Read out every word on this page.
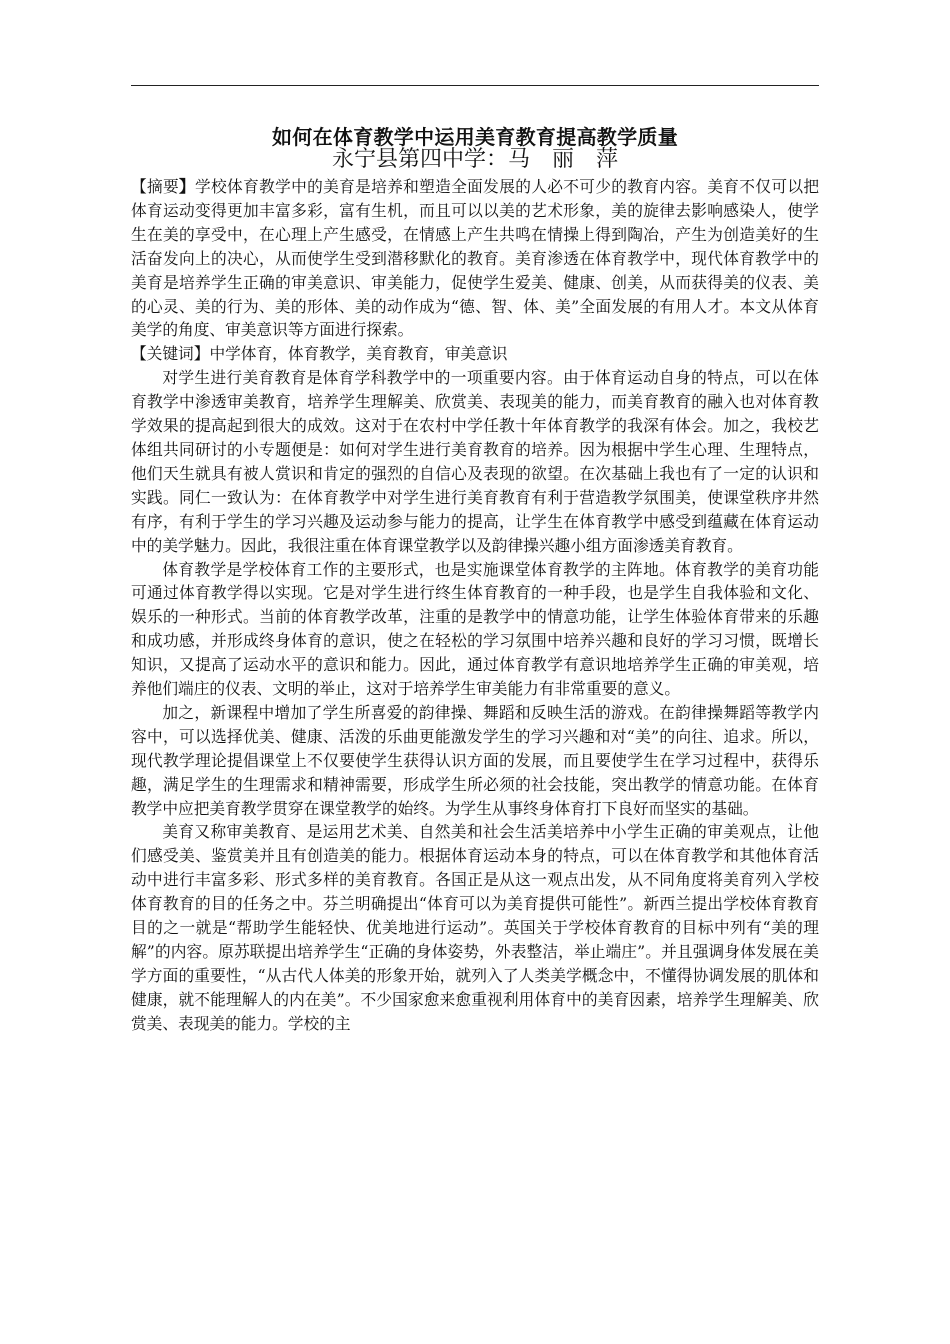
如何在体育教学中运用美育教育提高教学质量
永宁县第四中学：马　丽　萍

【摘要】学校体育教学中的美育是培养和塑造全面发展的人必不可少的教育内容。美育不仅可以把体育运动变得更加丰富多彩，富有生机，而且可以以美的艺术形象，美的旋律去影响感染人，使学生在美的享受中，在心理上产生感受，在情感上产生共鸣在情操上得到陶冶，产生为创造美好的生活奋发向上的决心，从而使学生受到潜移默化的教育。美育渗透在体育教学中，现代体育教学中的美育是培养学生正确的审美意识、审美能力，促使学生爱美、健康、创美，从而获得美的仪表、美的心灵、美的行为、美的形体、美的动作成为“德、智、体、美”全面发展的有用人才。本文从体育美学的角度、审美意识等方面进行探索。

【关键词】中学体育，体育教学，美育教育，审美意识

对学生进行美育教育是体育学科教学中的一项重要内容。由于体育运动自身的特点，可以在体育教学中渗透审美教育，培养学生理解美、欣赏美、表现美的能力，而美育教育的融入也对体育教学效果的提高起到很大的成效。这对于在农村中学任教十年体育教学的我深有体会。加之，我校艺体组共同研讨的小专题便是：如何对学生进行美育教育的培养。因为根据中学生心理、生理特点，他们天生就具有被人赏识和肯定的强烈的自信心及表现的欲望。在次基础上我也有了一定的认识和实践。同仁一致认为：在体育教学中对学生进行美育教育有利于营造教学氛围美，使课堂秩序井然有序，有利于学生的学习兴趣及运动参与能力的提高，让学生在体育教学中感受到蕴藏在体育运动中的美学魅力。因此，我很注重在体育课堂教学以及韵律操兴趣小组方面渗透美育教育。

体育教学是学校体育工作的主要形式，也是实施课堂体育教学的主阵地。体育教学的美育功能可通过体育教学得以实现。它是对学生进行终生体育教育的一种手段，也是学生自我体验和文化、娱乐的一种形式。当前的体育教学改革，注重的是教学中的情意功能，让学生体验体育带来的乐趣和成功感，并形成终身体育的意识，使之在轻松的学习氛围中培养兴趣和良好的学习习惯，既增长知识，又提高了运动水平的意识和能力。因此，通过体育教学有意识地培养学生正确的审美观，培养他们端庄的仪表、文明的举止，这对于培养学生审美能力有非常重要的意义。

加之，新课程中增加了学生所喜爱的韵律操、舞蹈和反映生活的游戏。在韵律操舞蹈等教学内容中，可以选择优美、健康、活泼的乐曲更能激发学生的学习兴趣和对“美”的向往、追求。所以，现代教学理论提倡课堂上不仅要使学生获得认识方面的发展，而且要使学生在学习过程中，获得乐趣，满足学生的生理需求和精神需要，形成学生所必须的社会技能，突出教学的情意功能。在体育教学中应把美育教学贯穿在课堂教学的始终。为学生从事终身体育打下良好而坚实的基础。

美育又称审美教育、是运用艺术美、自然美和社会生活美培养中小学生正确的审美观点，让他们感受美、鉴赏美并且有创造美的能力。根据体育运动本身的特点，可以在体育教学和其他体育活动中进行丰富多彩、形式多样的美育教育。各国正是从这一观点出发，从不同角度将美育列入学校体育教育的目的任务之中。芬兰明确提出“体育可以为美育提供可能性”。新西兰提出学校体育教育目的之一就是“帮助学生能轻快、优美地进行运动”。英国关于学校体育教育的目标中列有“美的理解”的内容。原苏联提出培养学生“正确的身体姿势，外表整洁，举止端庄”。并且强调身体发展在美学方面的重要性，“从古代人体美的形象开始，就列入了人类美学概念中，不懂得协调发展的肌体和健康，就不能理解人的内在美”。不少国家愈来愈重视利用体育中的美育因素，培养学生理解美、欣赏美、表现美的能力。学校的主
